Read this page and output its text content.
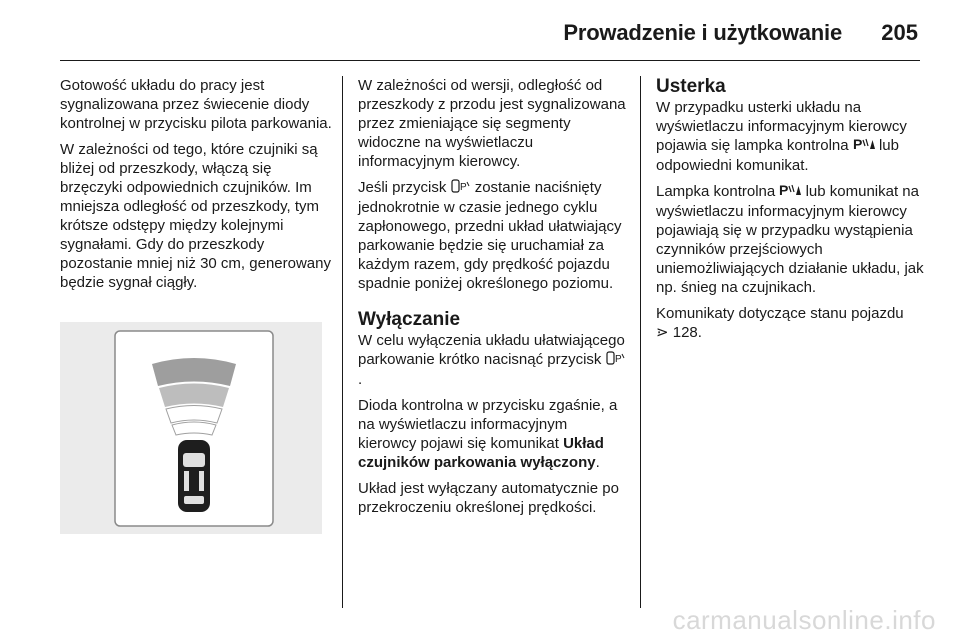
Prowadzenie i użytkowanie 205

Gotowość układu do pracy jest sygnalizowana przez świecenie diody kontrolnej w przycisku pilota parkowania.

W zależności od tego, które czujniki są bliżej od przeszkody, włączą się brzęczyki odpowiednich czujników. Im mniejsza odległość od przeszkody, tym krótsze odstępy między kolejnymi sygnałami. Gdy do przeszkody pozostanie mniej niż 30 cm, generowany będzie sygnał ciągły.

W zależności od wersji, odległość od przeszkody z przodu jest sygnalizowana przez zmieniające się segmenty widoczne na wyświetlaczu informacyjnym kierowcy.

Jeśli przycisk P zostanie naciśnięty jednokrotnie w czasie jednego cyklu zapłonowego, przedni układ ułatwiający parkowanie będzie się uruchamiał za każdym razem, gdy prędkość pojazdu spadnie poniżej określonego poziomu.

Wyłączanie

W celu wyłączenia układu ułatwiającego parkowanie krótko nacisnąć przycisk P
.

Dioda kontrolna w przycisku zgaśnie, a na wyświetlaczu informacyjnym kierowcy pojawi się komunikat Układ czujników parkowania wyłączony.

Układ jest wyłączany automatycznie po przekroczeniu określonej prędkości.

Usterka

W przypadku usterki układu na wyświetlaczu informacyjnym kierowcy pojawia się lampka kontrolna P lub odpowiedni komunikat.

Lampka kontrolna P lub komunikat na wyświetlaczu informacyjnym kierowcy pojawiają się w przypadku wystąpienia czynników przejściowych uniemożliwiających działanie układu, jak np. śnieg na czujnikach.

Komunikaty dotyczące stanu pojazdu
⋗ 128.

carmanualsonline.info
